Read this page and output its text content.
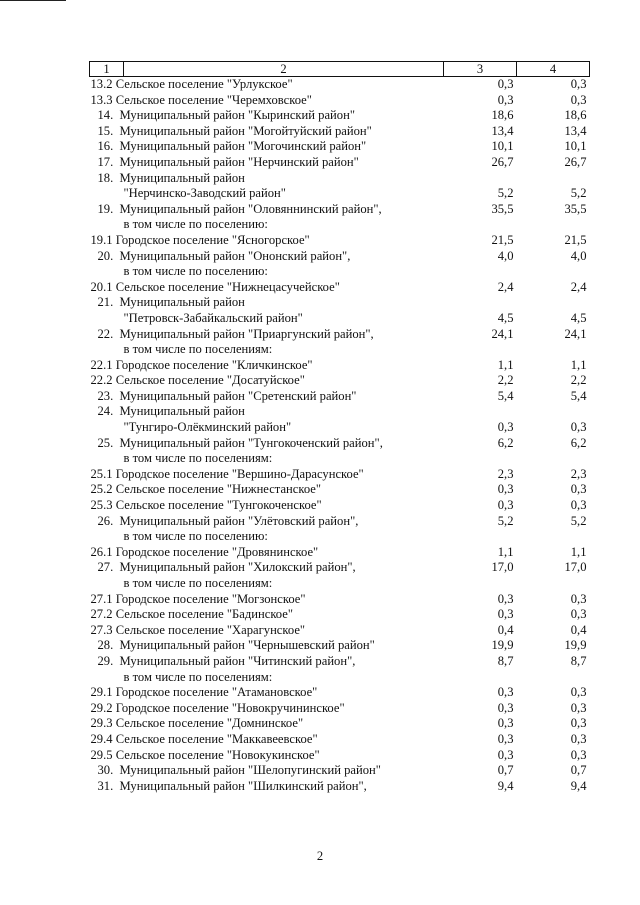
1	2	3	4

13.2 Сельское поселение "Урлукское"		0,3	0,3

13.3 Сельское поселение "Черемховское"		0,3	0,3

14.  Муниципальный район "Кыринский район"		18,6	18,6

15.  Муниципальный район "Могойтуйский район"		13,4	13,4

16.  Муниципальный район "Могочинский район"		10,1	10,1

17.  Муниципальный район "Нерчинский район"		26,7	26,7

18.  Муниципальный район
"Нерчинско-Заводский район"		5,2	5,2

19.  Муниципальный район "Оловяннинский район",
в том числе по поселению:		35,5	35,5

19.1 Городское поселение "Ясногорское"		21,5	21,5

20.  Муниципальный район "Ононский район",
в том числе по поселению:		4,0	4,0

20.1 Сельское поселение "Нижнецасучейское"		2,4	2,4

21.  Муниципальный район
"Петровск-Забайкальский район"		4,5	4,5

22.  Муниципальный район "Приаргунский район",
в том числе по поселениям:		24,1	24,1

22.1 Городское поселение "Кличкинское"		1,1	1,1

22.2 Сельское поселение "Досатуйское"		2,2	2,2

23.  Муниципальный район "Сретенский район"		5,4	5,4

24.  Муниципальный район
"Тунгиро-Олёкминский район"		0,3	0,3

25.  Муниципальный район "Тунгокоченский район",
в том числе по поселениям:		6,2	6,2

25.1 Городское поселение "Вершино-Дарасунское"		2,3	2,3

25.2 Сельское поселение "Нижнестанское"		0,3	0,3

25.3 Сельское поселение "Тунгокоченское"		0,3	0,3

26.  Муниципальный район "Улётовский район",
в том числе по поселению:		5,2	5,2

26.1 Городское поселение "Дровянинское"		1,1	1,1

27.  Муниципальный район "Хилокский район",
в том числе по поселениям:		17,0	17,0

27.1 Городское поселение "Могзонское"		0,3	0,3

27.2 Сельское поселение "Бадинское"		0,3	0,3

27.3 Сельское поселение "Харагунское"		0,4	0,4

28.  Муниципальный район "Чернышевский район"		19,9	19,9

29.  Муниципальный район "Читинский район",
в том числе по поселениям:		8,7	8,7

29.1 Городское поселение "Атамановское"		0,3	0,3

29.2 Городское поселение "Новокручининское"		0,3	0,3

29.3 Сельское поселение "Домнинское"		0,3	0,3

29.4 Сельское поселение "Маккавеевское"		0,3	0,3

29.5 Сельское поселение "Новокукинское"		0,3	0,3

30.  Муниципальный район "Шелопугинский район"		0,7	0,7

31.  Муниципальный район "Шилкинский район",		9,4	9,4
2
